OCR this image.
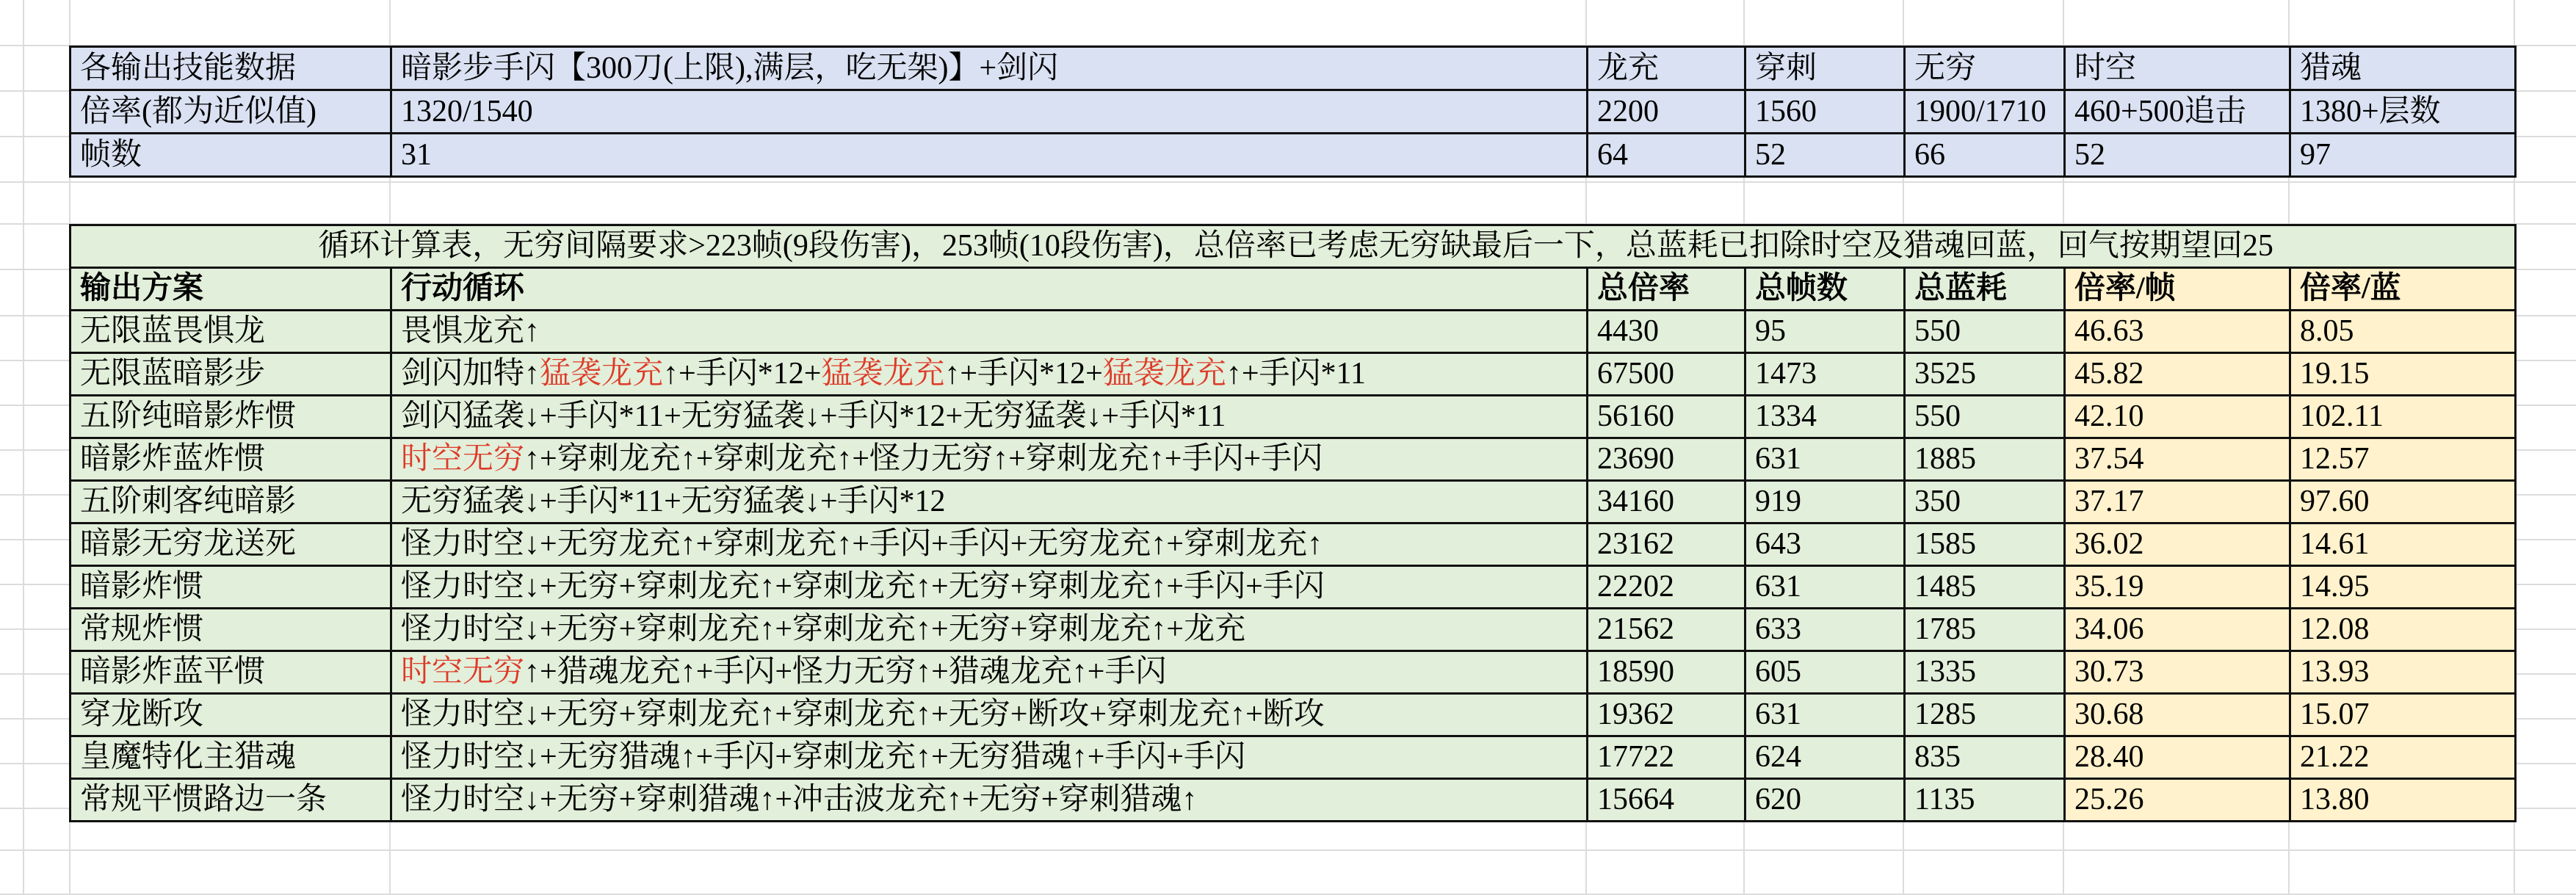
各输出技能数据	暗影步手闪【300刀(上限),满层，吃无架)】+剑闪	龙充	穿刺	无穷	时空	猎魂
倍率(都为近似值)	1320/1540	2200	1560	1900/1710	460+500追击	1380+层数
帧数	31	64	52	66	52	97
循环计算表，无穷间隔要求>223帧(9段伤害)，253帧(10段伤害)，总倍率已考虑无穷缺最后一下，总蓝耗已扣除时空及猎魂回蓝，回气按期望回25						
输出方案	行动循环	总倍率	总帧数	总蓝耗	倍率/帧	倍率/蓝
无限蓝畏惧龙	畏惧龙充↑	4430	95	550	46.63	8.05
无限蓝暗影步	剑闪加特↑猛袭龙充↑+手闪*12+猛袭龙充↑+手闪*12+猛袭龙充↑+手闪*11	67500	1473	3525	45.82	19.15
五阶纯暗影炸惯	剑闪猛袭↓+手闪*11+无穷猛袭↓+手闪*12+无穷猛袭↓+手闪*11	56160	1334	550	42.10	102.11
暗影炸蓝炸惯	时空无穷↑+穿刺龙充↑+穿刺龙充↑+怪力无穷↑+穿刺龙充↑+手闪+手闪	23690	631	1885	37.54	12.57
五阶刺客纯暗影	无穷猛袭↓+手闪*11+无穷猛袭↓+手闪*12	34160	919	350	37.17	97.60
暗影无穷龙送死	怪力时空↓+无穷龙充↑+穿刺龙充↑+手闪+手闪+无穷龙充↑+穿刺龙充↑	23162	643	1585	36.02	14.61
暗影炸惯	怪力时空↓+无穷+穿刺龙充↑+穿刺龙充↑+无穷+穿刺龙充↑+手闪+手闪	22202	631	1485	35.19	14.95
常规炸惯	怪力时空↓+无穷+穿刺龙充↑+穿刺龙充↑+无穷+穿刺龙充↑+龙充	21562	633	1785	34.06	12.08
暗影炸蓝平惯	时空无穷↑+猎魂龙充↑+手闪+怪力无穷↑+猎魂龙充↑+手闪	18590	605	1335	30.73	13.93
穿龙断攻	怪力时空↓+无穷+穿刺龙充↑+穿刺龙充↑+无穷+断攻+穿刺龙充↑+断攻	19362	631	1285	30.68	15.07
皇魔特化主猎魂	怪力时空↓+无穷猎魂↑+手闪+穿刺龙充↑+无穷猎魂↑+手闪+手闪	17722	624	835	28.40	21.22
常规平惯路边一条	怪力时空↓+无穷+穿刺猎魂↑+冲击波龙充↑+无穷+穿刺猎魂↑	15664	620	1135	25.26	13.80
